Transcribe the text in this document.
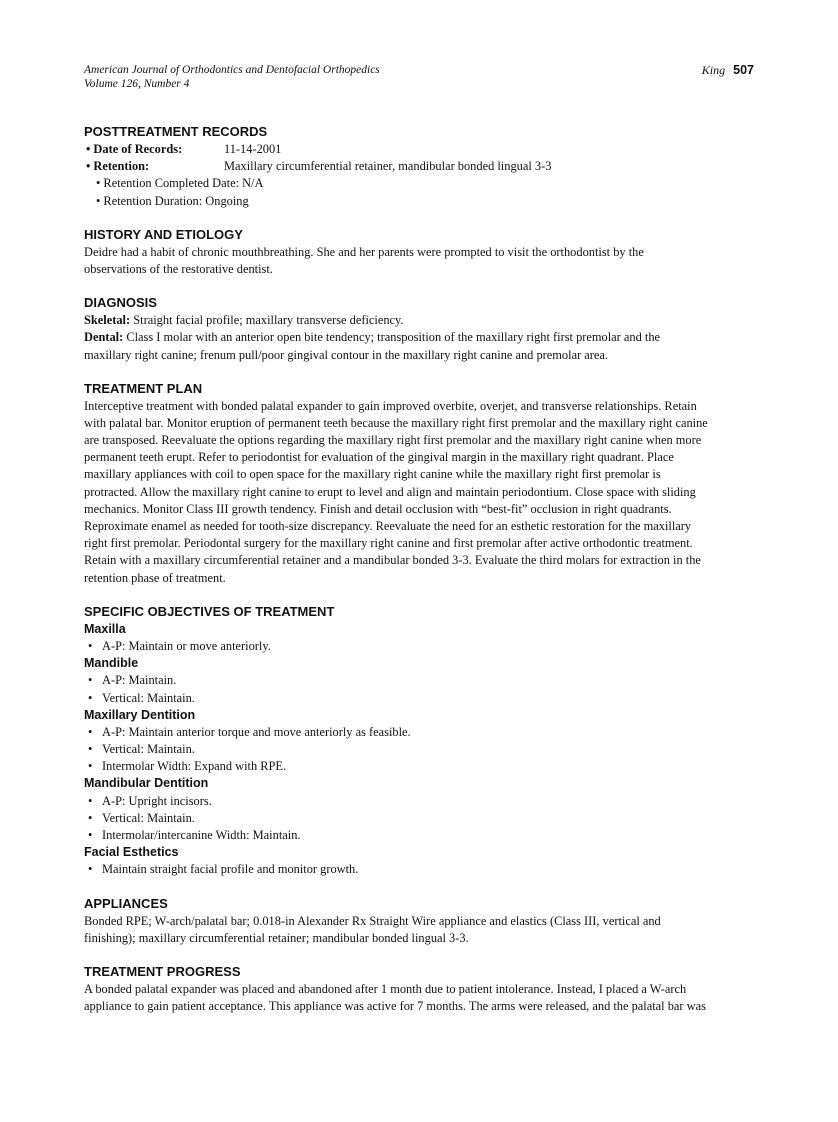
American Journal of Orthodontics and Dentofacial Orthopedics
Volume 126, Number 4
King 507
POSTTREATMENT RECORDS
• Date of Records:	11-14-2001
• Retention:	Maxillary circumferential retainer, mandibular bonded lingual 3-3
• Retention Completed Date: N/A
• Retention Duration: Ongoing
HISTORY AND ETIOLOGY
Deidre had a habit of chronic mouthbreathing. She and her parents were prompted to visit the orthodontist by the
observations of the restorative dentist.
DIAGNOSIS
Skeletal: Straight facial profile; maxillary transverse deficiency.
Dental: Class I molar with an anterior open bite tendency; transposition of the maxillary right first premolar and the
maxillary right canine; frenum pull/poor gingival contour in the maxillary right canine and premolar area.
TREATMENT PLAN
Interceptive treatment with bonded palatal expander to gain improved overbite, overjet, and transverse relationships. Retain
with palatal bar. Monitor eruption of permanent teeth because the maxillary right first premolar and the maxillary right canine
are transposed. Reevaluate the options regarding the maxillary right first premolar and the maxillary right canine when more
permanent teeth erupt. Refer to periodontist for evaluation of the gingival margin in the maxillary right quadrant. Place
maxillary appliances with coil to open space for the maxillary right canine while the maxillary right first premolar is
protracted. Allow the maxillary right canine to erupt to level and align and maintain periodontium. Close space with sliding
mechanics. Monitor Class III growth tendency. Finish and detail occlusion with “best-fit” occlusion in right quadrants.
Reproximate enamel as needed for tooth-size discrepancy. Reevaluate the need for an esthetic restoration for the maxillary
right first premolar. Periodontal surgery for the maxillary right canine and first premolar after active orthodontic treatment.
Retain with a maxillary circumferential retainer and a mandibular bonded 3-3. Evaluate the third molars for extraction in the
retention phase of treatment.
SPECIFIC OBJECTIVES OF TREATMENT
Maxilla
• A-P: Maintain or move anteriorly.
Mandible
• A-P: Maintain.
• Vertical: Maintain.
Maxillary Dentition
• A-P: Maintain anterior torque and move anteriorly as feasible.
• Vertical: Maintain.
• Intermolar Width: Expand with RPE.
Mandibular Dentition
• A-P: Upright incisors.
• Vertical: Maintain.
• Intermolar/intercanine Width: Maintain.
Facial Esthetics
• Maintain straight facial profile and monitor growth.
APPLIANCES
Bonded RPE; W-arch/palatal bar; 0.018-in Alexander Rx Straight Wire appliance and elastics (Class III, vertical and
finishing); maxillary circumferential retainer; mandibular bonded lingual 3-3.
TREATMENT PROGRESS
A bonded palatal expander was placed and abandoned after 1 month due to patient intolerance. Instead, I placed a W-arch
appliance to gain patient acceptance. This appliance was active for 7 months. The arms were released, and the palatal bar was
